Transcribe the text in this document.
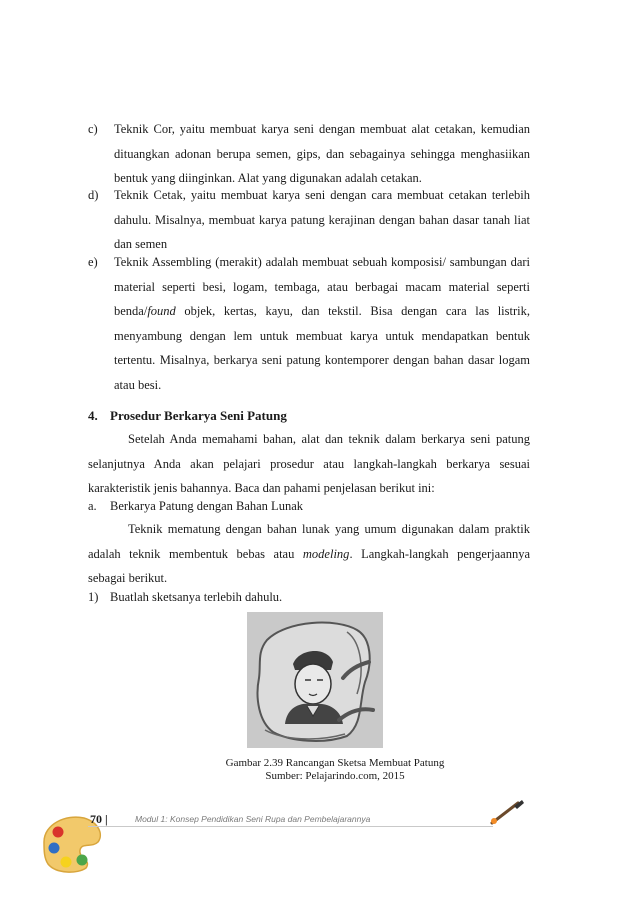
c) Teknik Cor, yaitu membuat karya seni dengan membuat alat cetakan, kemudian dituangkan adonan berupa semen, gips, dan sebagainya sehingga menghasiikan bentuk yang diinginkan. Alat yang digunakan adalah cetakan.
d) Teknik Cetak, yaitu membuat karya seni dengan cara membuat cetakan terlebih dahulu. Misalnya, membuat karya patung kerajinan dengan bahan dasar tanah liat dan semen
e) Teknik Assembling (merakit) adalah membuat sebuah komposisi/ sambungan dari material seperti besi, logam, tembaga, atau berbagai macam material seperti benda/found objek, kertas, kayu, dan tekstil. Bisa dengan cara las listrik, menyambung dengan lem untuk membuat karya untuk mendapatkan bentuk tertentu. Misalnya, berkarya seni patung kontemporer dengan bahan dasar logam atau besi.
4. Prosedur Berkarya Seni Patung
Setelah Anda memahami bahan, alat dan teknik dalam berkarya seni patung selanjutnya Anda akan pelajari prosedur atau langkah-langkah berkarya sesuai karakteristik jenis bahannya. Baca dan pahami penjelasan berikut ini:
a. Berkarya Patung dengan Bahan Lunak
Teknik mematung dengan bahan lunak yang umum digunakan dalam praktik adalah teknik membentuk bebas atau modeling. Langkah-langkah pengerjaannya sebagai berikut.
1) Buatlah sketsanya terlebih dahulu.
Gambar 2.39 Rancangan Sketsa Membuat Patung
Sumber: Pelajarindo.com, 2015
70 |	Modul 1: Konsep Pendidikan Seni Rupa dan Pembelajarannya
